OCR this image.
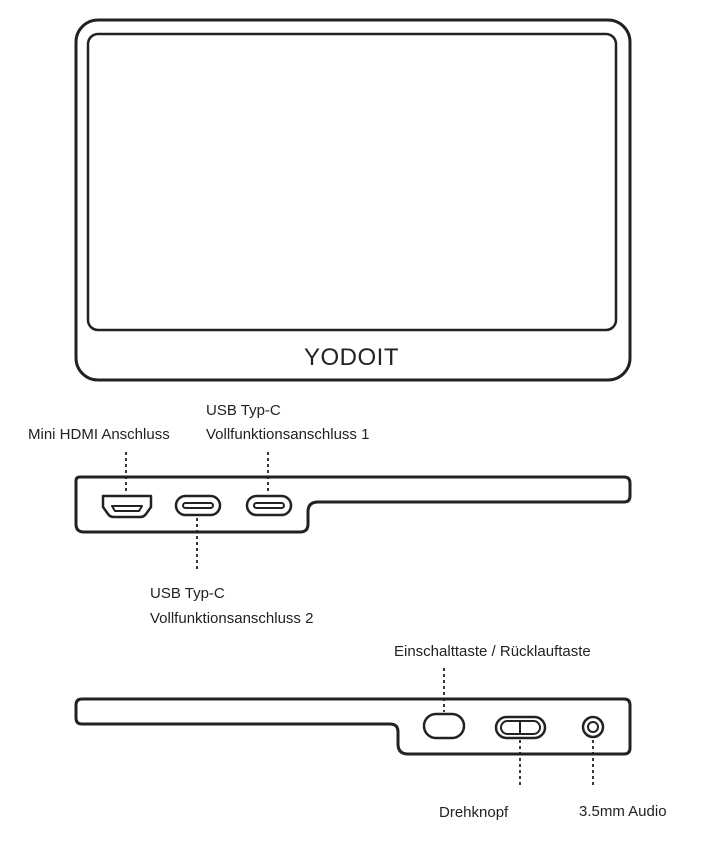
YODOIT
Mini HDMI Anschluss
USB Typ-C
Vollfunktionsanschluss 1
USB Typ-C
Vollfunktionsanschluss 2
Einschalttaste / Rücklauftaste
Drehknopf	3.5mm Audio
